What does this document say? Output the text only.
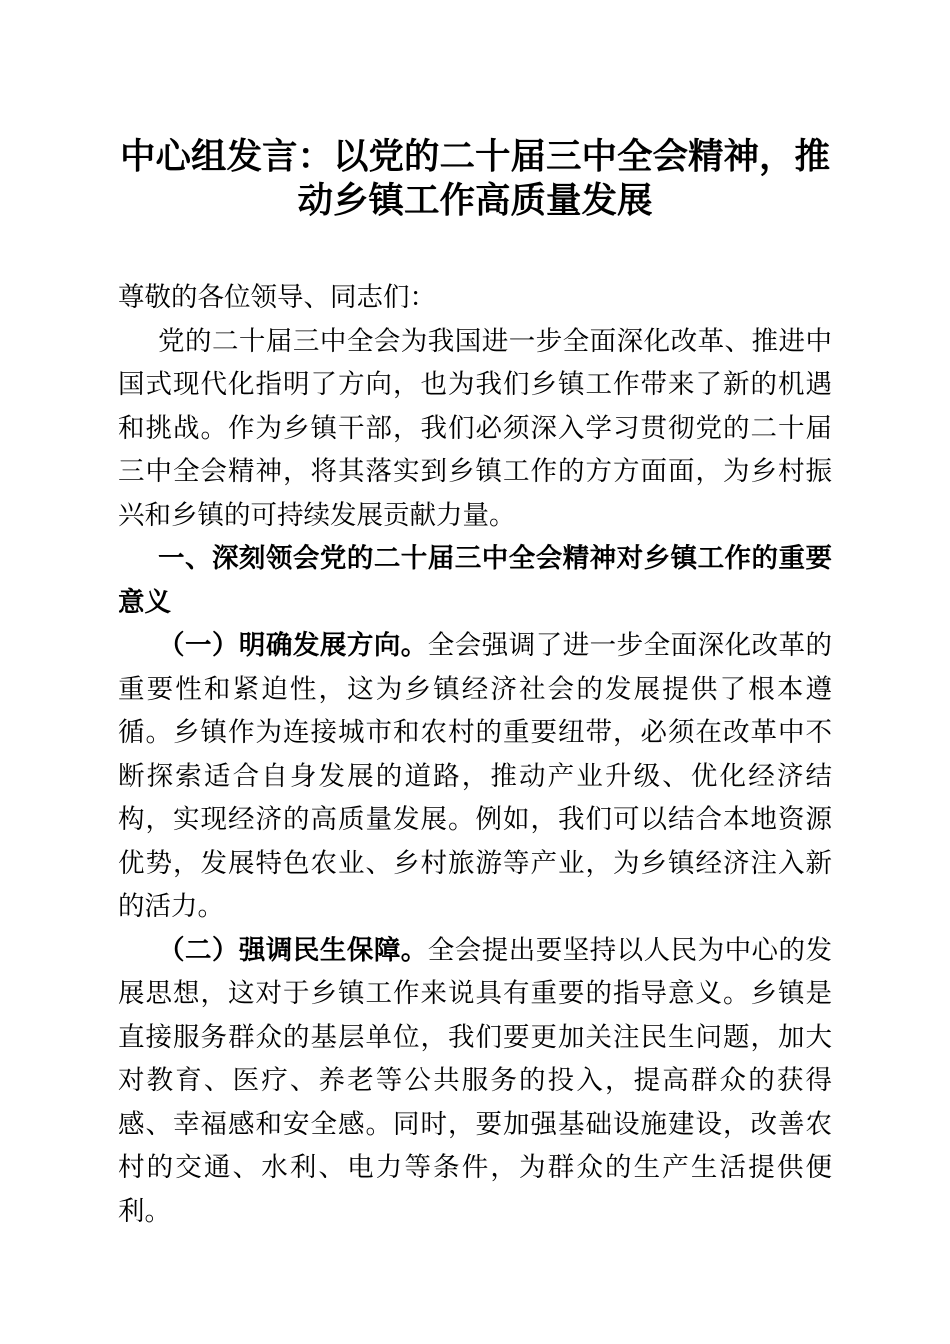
中心组发言：以党的二十届三中全会精神，推动乡镇工作高质量发展

尊敬的各位领导、同志们：

党的二十届三中全会为我国进一步全面深化改革、推进中国式现代化指明了方向，也为我们乡镇工作带来了新的机遇和挑战。作为乡镇干部，我们必须深入学习贯彻党的二十届三中全会精神，将其落实到乡镇工作的方方面面，为乡村振兴和乡镇的可持续发展贡献力量。

一、深刻领会党的二十届三中全会精神对乡镇工作的重要意义

（一）明确发展方向。全会强调了进一步全面深化改革的重要性和紧迫性，这为乡镇经济社会的发展提供了根本遵循。乡镇作为连接城市和农村的重要纽带，必须在改革中不断探索适合自身发展的道路，推动产业升级、优化经济结构，实现经济的高质量发展。例如，我们可以结合本地资源优势，发展特色农业、乡村旅游等产业，为乡镇经济注入新的活力。

（二）强调民生保障。全会提出要坚持以人民为中心的发展思想，这对于乡镇工作来说具有重要的指导意义。乡镇是直接服务群众的基层单位，我们要更加关注民生问题，加大对教育、医疗、养老等公共服务的投入，提高群众的获得感、幸福感和安全感。同时，要加强基础设施建设，改善农村的交通、水利、电力等条件，为群众的生产生活提供便利。
